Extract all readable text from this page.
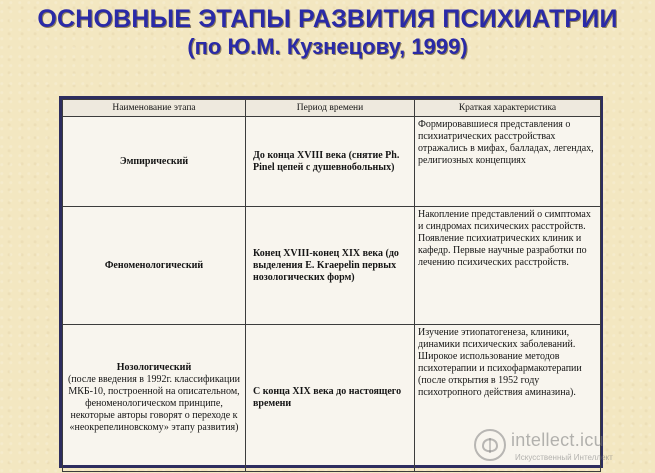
ОСНОВНЫЕ ЭТАПЫ РАЗВИТИЯ ПСИХИАТРИИ
(по Ю.М. Кузнецову, 1999)
Наименование этапа	Период времени	Краткая характеристика

Эмпирический	До конца XVIII века (снятие Ph. Pinel цепей с душевнобольных)	Формировавшиеся представления о психиатрических расстройствах отражались в мифах, балладах, легендах, религиозных концепциях

Феноменологический	Конец XVIII-конец XIX века (до выделения E. Kraepelin первых нозологических форм)	Накопление представлений о симптомах и синдромах психических расстройств. Появление психиатрических клиник и кафедр. Первые научные разработки по лечению психических расстройств.

Нозологический
(после введения в 1992г. классификации МКБ-10, построенной на описательном, феноменологическом принципе, некоторые авторы говорят о переходе к «неокрепелиновскому» этапу развития)	С конца XIX века до настоящего времени	Изучение этиопатогенеза, клиники, динамики психических заболеваний. Широкое использование методов психотерапии и психофармакотерапии (после открытия в 1952 году психотропного действия аминазина).
intellect.icu
Искусственный Интеллект
